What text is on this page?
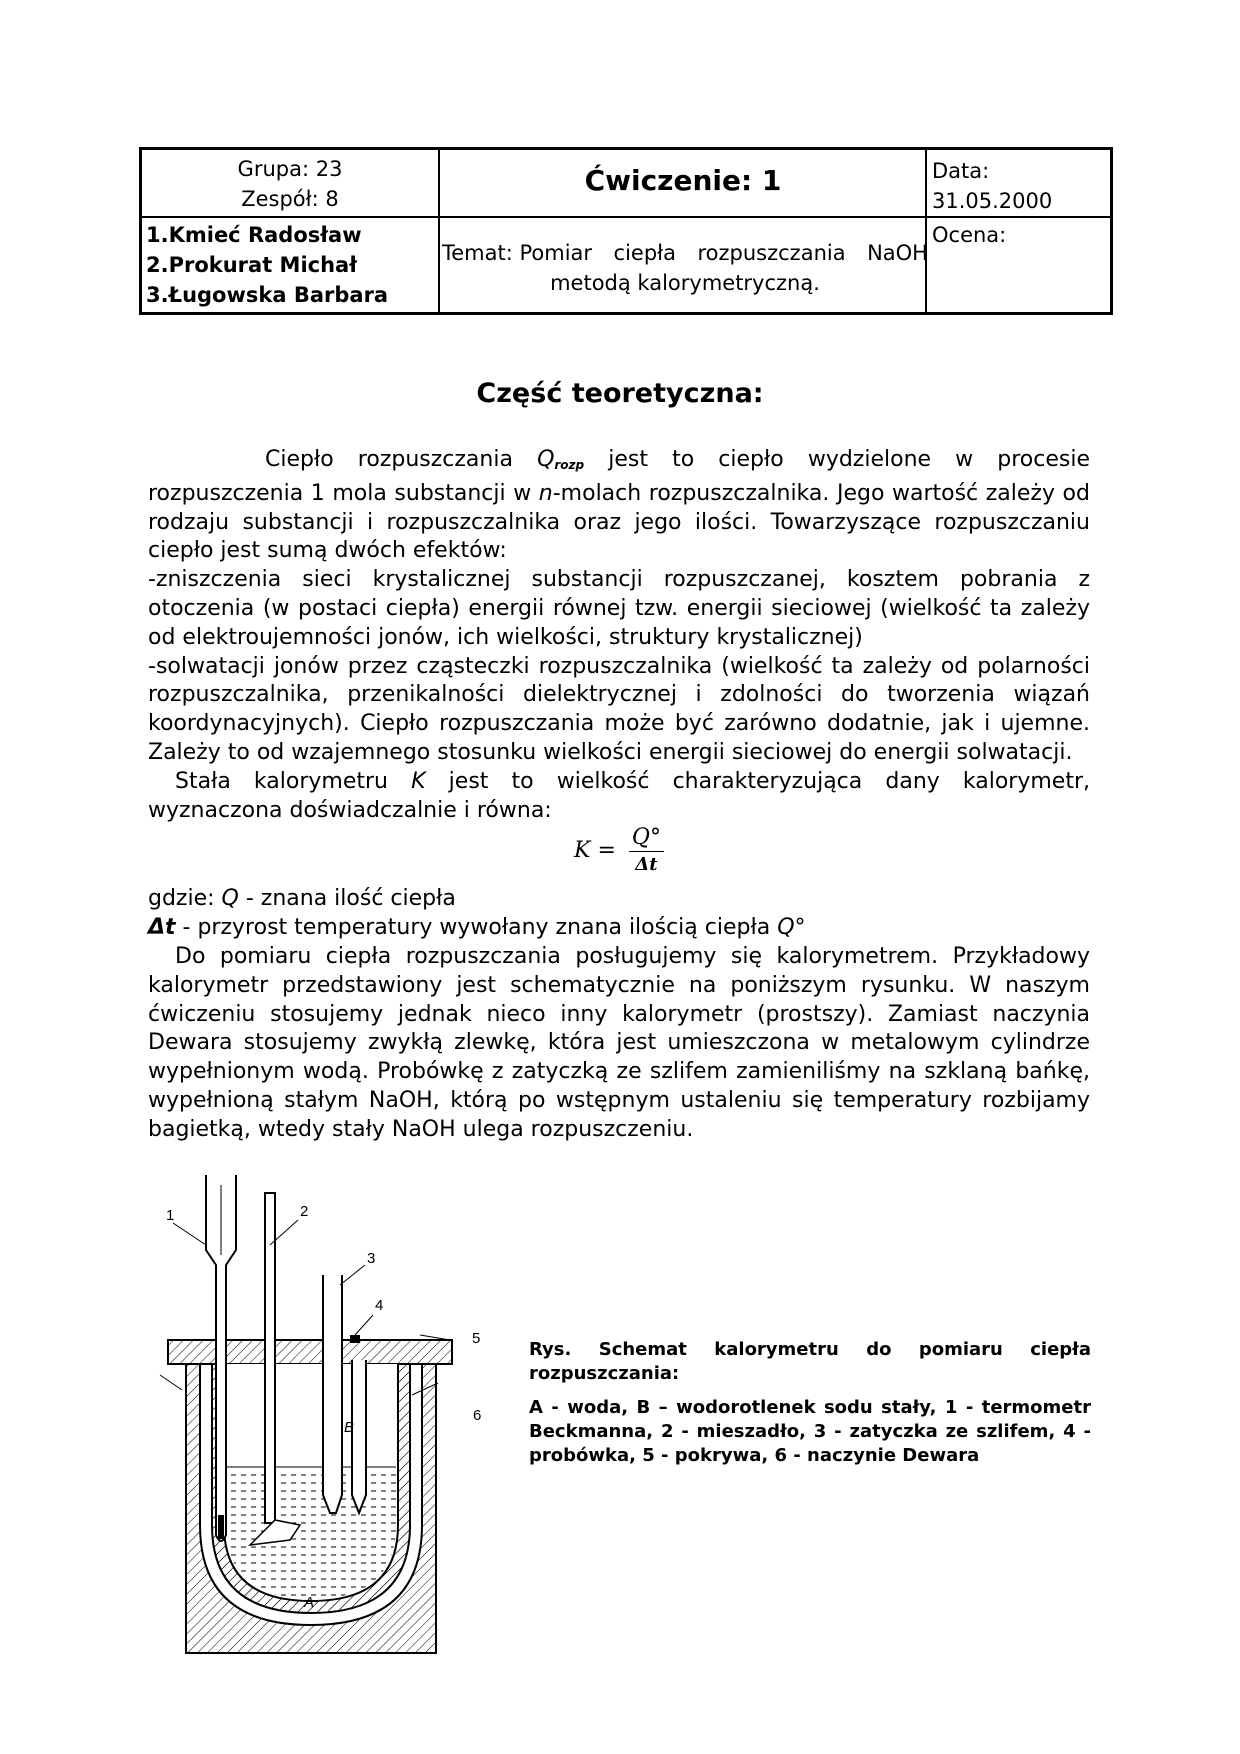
Grupa: 23
Zespół: 8
Ćwiczenie: 1	Data:
31.05.2000
1.Kmieć Radosław
2.Prokurat Michał
3.Ługowska Barbara
Temat: Pomiar ciepła rozpuszczania NaOH
metodą kalorymetryczną.
Ocena:
Część teoretyczna:

Ciepło rozpuszczania $Q_{rozp}$ jest to ciepło wydzielone w procesie rozpuszczenia 1 mola substancji w n-molach rozpuszczalnika. Jego wartość zależy od rodzaju substancji i rozpuszczalnika oraz jego ilości. Towarzyszące rozpuszczaniu ciepło jest sumą dwóch efektów:

-zniszczenia sieci krystalicznej substancji rozpuszczanej, kosztem pobrania z otoczenia (w postaci ciepła) energii równej tzw. energii sieciowej (wielkość ta zależy od elektroujemności jonów, ich wielkości, struktury krystalicznej)

-solwatacji jonów przez cząsteczki rozpuszczalnika (wielkość ta zależy od polarności rozpuszczalnika, przenikalności dielektrycznej i zdolności do tworzenia wiązań koordynacyjnych). Ciepło rozpuszczania może być zarówno dodatnie, jak i ujemne. Zależy to od wzajemnego stosunku wielkości energii sieciowej do energii solwatacji.

Stała kalorymetru K jest to wielkość charakteryzująca dany kalorymetr, wyznaczona doświadczalnie i równa:

$K = \frac{Q^\circ}{\Delta t}$

gdzie: Q - znana ilość ciepła

Δt - przyrost temperatury wywołany znana ilością ciepła Q°

Do pomiaru ciepła rozpuszczania posługujemy się kalorymetrem. Przykładowy kalorymetr przedstawiony jest schematycznie na poniższym rysunku. W naszym ćwiczeniu stosujemy jednak nieco inny kalorymetr (prostszy). Zamiast naczynia Dewara stosujemy zwykłą zlewkę, która jest umieszczona w metalowym cylindrze wypełnionym wodą. Probówkę z zatyczką ze szlifem zamieniliśmy na szklaną bańkę, wypełnioną stałym NaOH, którą po wstępnym ustaleniu się temperatury rozbijamy bagietką, wtedy stały NaOH ulega rozpuszczeniu.

1	2
3
4
5
6
A
B

Rys. Schemat kalorymetru do pomiaru ciepła rozpuszczania:

A - woda, B – wodorotlenek sodu stały, 1 - termometr Beckmanna, 2 - mieszadło, 3 - zatyczka ze szlifem, 4 - probówka, 5 - pokrywa, 6 - naczynie Dewara
